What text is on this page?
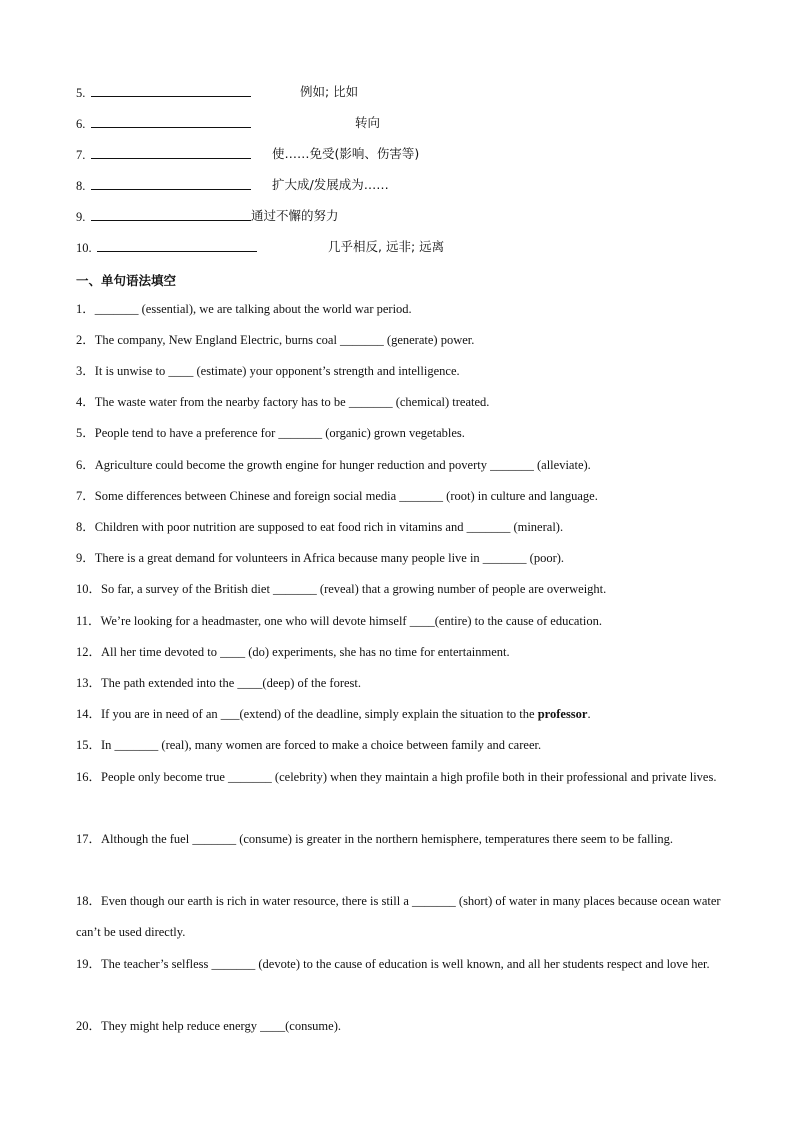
5.	例如; 比如
6.	转向
7.	使……免受(影响、伤害等)
8.	扩大成/发展成为……
9.	通过不懈的努力
10.	几乎相反, 远非; 远离
一、单句语法填空
1．_______ (essential), we are talking about the world war period.
2．The company, New England Electric, burns coal _______ (generate) power.
3．It is unwise to ____ (estimate) your opponent’s strength and intelligence.
4．The waste water from the nearby factory has to be _______ (chemical) treated.
5．People tend to have a preference for _______ (organic) grown vegetables.
6．Agriculture could become the growth engine for hunger reduction and poverty _______ (alleviate).
7．Some differences between Chinese and foreign social media _______ (root) in culture and language.
8．Children with poor nutrition are supposed to eat food rich in vitamins and _______ (mineral).
9．There is a great demand for volunteers in Africa because many people live in _______ (poor).
10．So far, a survey of the British diet _______ (reveal) that a growing number of people are overweight.
11．We’re looking for a headmaster, one who will devote himself ____(entire) to the cause of education.
12．All her time devoted to ____ (do) experiments, she has no time for entertainment.
13．The path extended into the ____(deep) of the forest.
14．If you are in need of an ___(extend) of the deadline, simply explain the situation to the professor.
15．In _______ (real), many women are forced to make a choice between family and career.
16．People only become true _______ (celebrity) when they maintain a high profile both in their professional and private lives.
17．Although the fuel _______ (consume) is greater in the northern hemisphere, temperatures there seem to be falling.
18．Even though our earth is rich in water resource, there is still a _______ (short) of water in many places because ocean water can’t be used directly.
19．The teacher’s selfless _______ (devote) to the cause of education is well known, and all her students respect and love her.
20．They might help reduce energy ____(consume).
